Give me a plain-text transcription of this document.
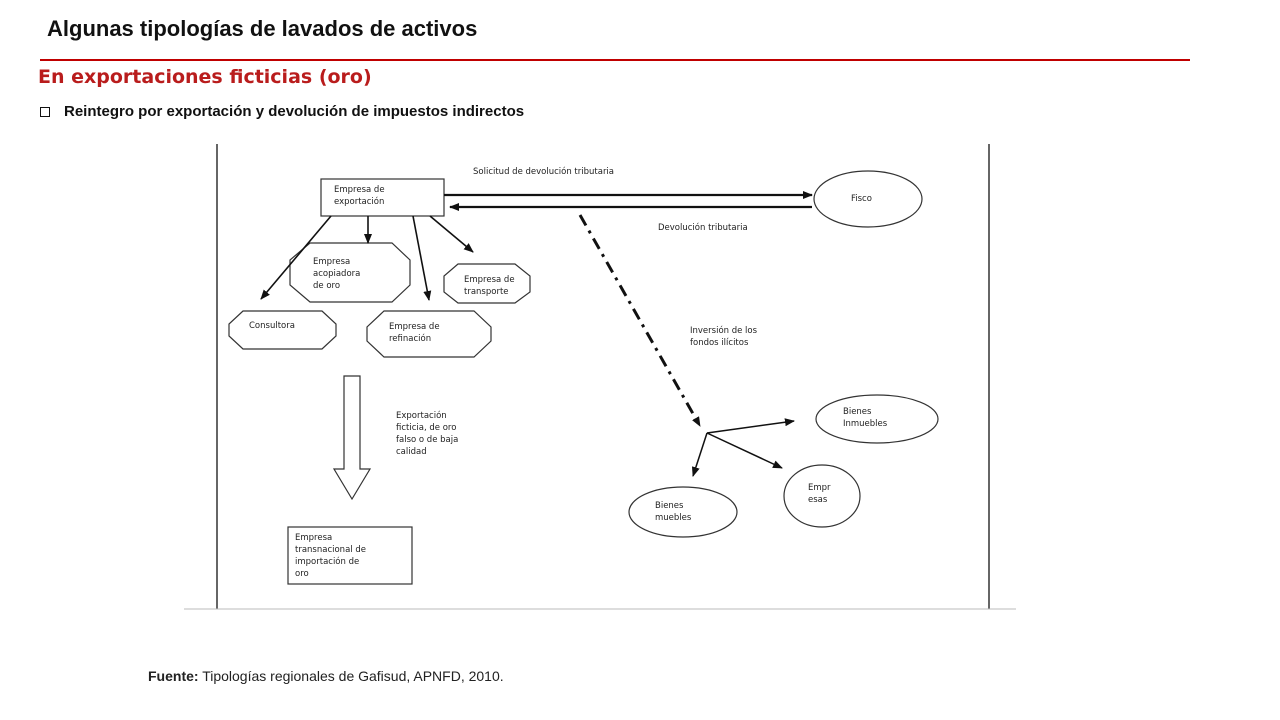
Algunas tipologías de lavados de activos
En exportaciones ficticias (oro)
Reintegro por exportación y devolución de impuestos indirectos
Empresa de
exportación	Fisco
Solicitud de devolución tributaria
Devolución tributaria
Empresa
acopiadora
de oro
Empresa de
transporte
Consultora	Empresa de
refinación
Exportación
ficticia, de oro
falso o de baja
calidad
Empresa
transnacional de
importación de
oro
Inversión de los
fondos ilícitos
Bienes
Inmuebles
Empr
esas
Bienes
muebles
Fuente: Tipologías regionales de Gafisud, APNFD, 2010.
